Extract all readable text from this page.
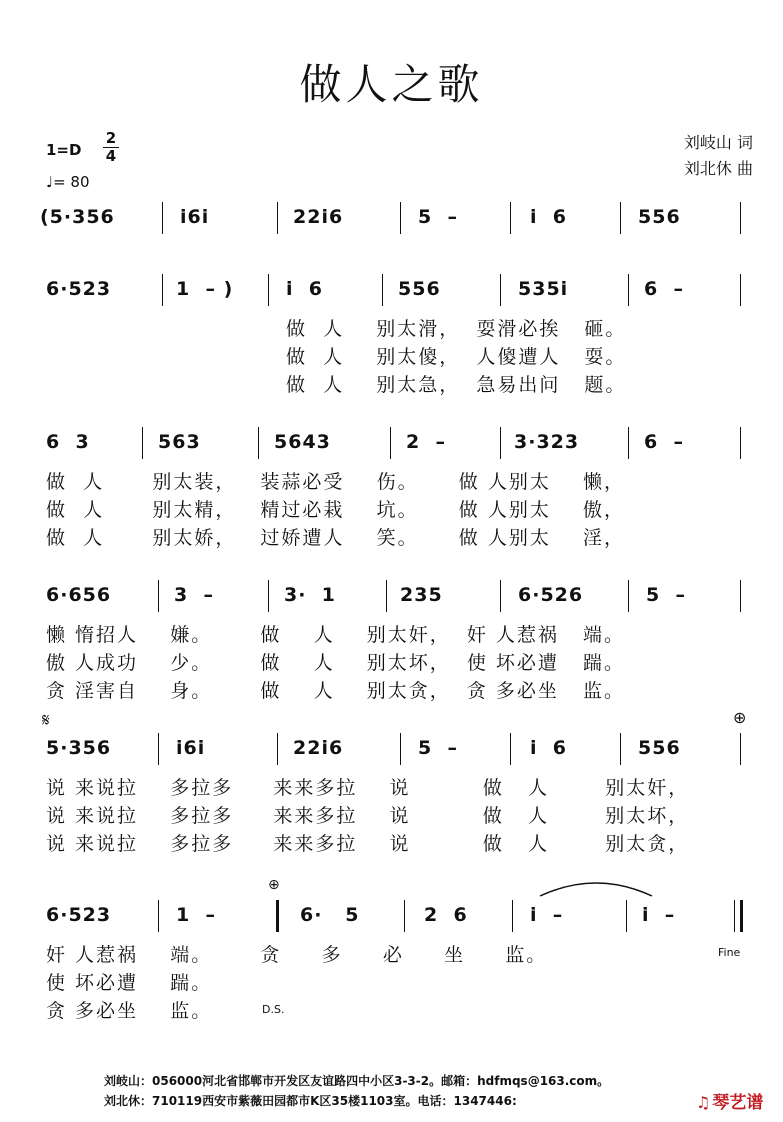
做人之歌
1=D
2
4
♩= 80
刘岐山 词
刘北休 曲
(5·356	i6i	22i6	5  –	i  6	556
6·523	1  – )	i  6	556	535i	6  –
做  人    别太滑，  耍滑必挨   砸。
做  人    别太傻，  人傻遭人   耍。
做  人    别太急，  急易出问   题。
6  3	563	5643	2  –	3·323	6  –
做  人      别太装，   装蒜必受    伤。     做 人别太    懒，
做  人      别太精，   精过必栽    坑。     做 人别太    傲，
做  人      别太娇，   过娇遭人    笑。     做 人别太    淫，
6·656	3  –	3·  1	235	6·526	5  –
懒 惰招人    嫌。      做    人    别太奸，  奸 人惹祸   端。
傲 人成功    少。      做    人    别太坏，  使 坏必遭   踹。
贪 淫害自    身。      做    人    别太贪，  贪 多必坐   监。
𝄋	⊕
5·356	i6i	22i6	5  –	i  6	556
说 来说拉    多拉多     来来多拉    说         做   人       别太奸，
说 来说拉    多拉多     来来多拉    说         做   人       别太坏，
说 来说拉    多拉多     来来多拉    说         做   人       别太贪，
⊕
6·523	1  –	6·   5	2  6	i  –	i  –
奸 人惹祸    端。      贪     多     必     坐     监。
使 坏必遭    踹。
贪 多必坐    监。
Fine
D.S.
刘岐山：056000河北省邯郸市开发区友谊路四中小区3-3-2。邮箱：hdfmqs@163.com。
刘北休：710119西安市紫薇田园都市K区35楼1103室。电话：1347446:	♫ 琴艺谱
